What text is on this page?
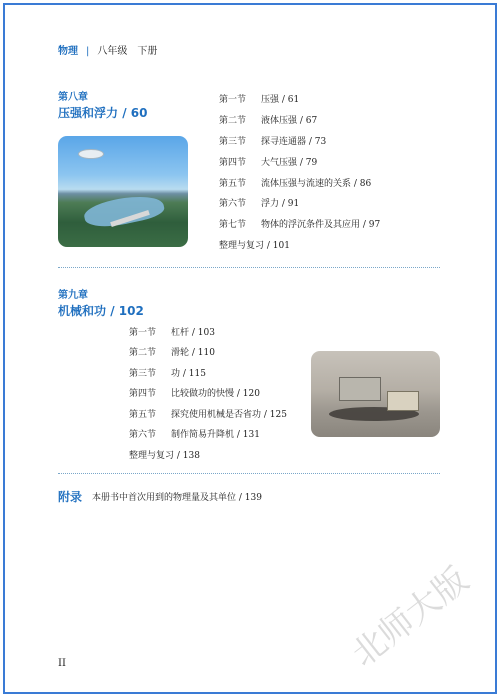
物理 | 八年级　下册
第八章
压强和浮力 / 60
第一节 压强 / 61
第二节 液体压强 / 67
第三节 探寻连通器 / 73
第四节 大气压强 / 79
第五节 流体压强与流速的关系 / 86
第六节 浮力 / 91
第七节 物体的浮沉条件及其应用 / 97
整理与复习 / 101
第九章
机械和功 / 102
第一节 杠杆 / 103
第二节 滑轮 / 110
第三节 功 / 115
第四节 比较做功的快慢 / 120
第五节 探究使用机械是否省功 / 125
第六节 制作简易升降机 / 131
整理与复习 / 138
附录 本册书中首次用到的物理量及其单位 / 139
II	北师大版
